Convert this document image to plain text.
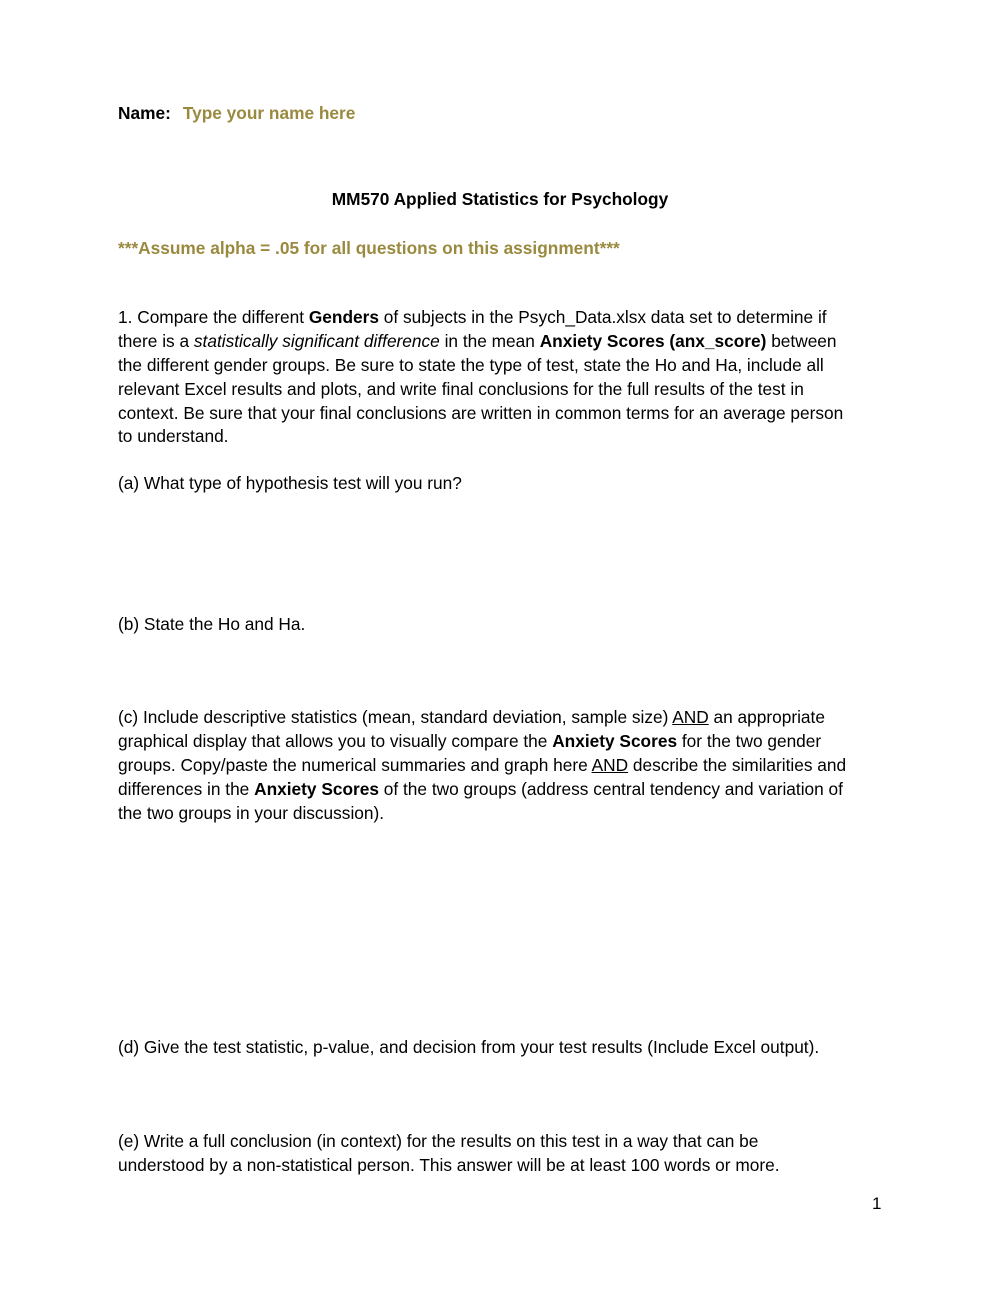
Name: Type your name here
MM570 Applied Statistics for Psychology
***Assume alpha = .05 for all questions on this assignment***
1. Compare the different Genders of subjects in the Psych_Data.xlsx data set to determine if
there is a statistically significant difference in the mean Anxiety Scores (anx_score) between
the different gender groups. Be sure to state the type of test, state the Ho and Ha, include all
relevant Excel results and plots, and write final conclusions for the full results of the test in
context. Be sure that your final conclusions are written in common terms for an average person
to understand.
(a) What type of hypothesis test will you run?
(b) State the Ho and Ha.
(c) Include descriptive statistics (mean, standard deviation, sample size) AND an appropriate
graphical display that allows you to visually compare the Anxiety Scores for the two gender
groups. Copy/paste the numerical summaries and graph here AND describe the similarities and
differences in the Anxiety Scores of the two groups (address central tendency and variation of
the two groups in your discussion).
(d) Give the test statistic, p-value, and decision from your test results (Include Excel output).
(e) Write a full conclusion (in context) for the results on this test in a way that can be
understood by a non-statistical person. This answer will be at least 100 words or more.
1
